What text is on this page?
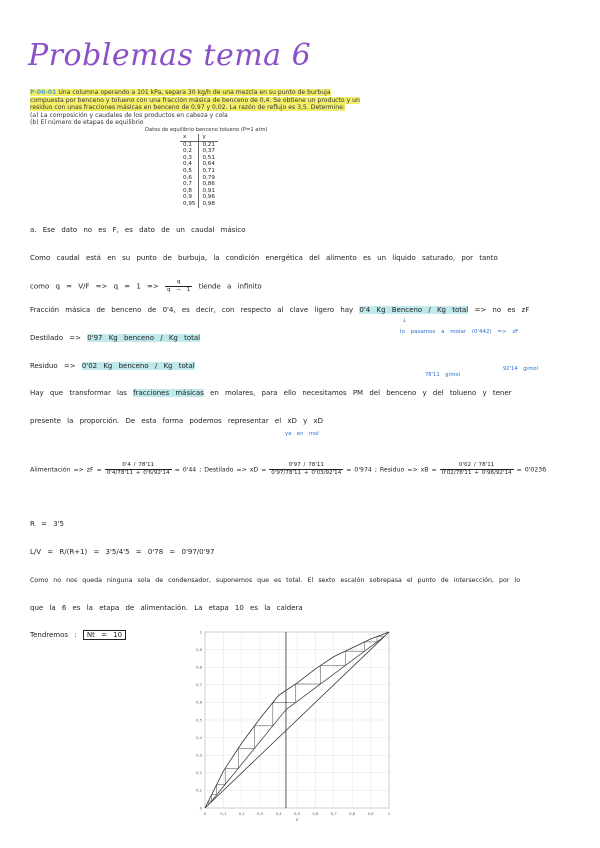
Problemas tema 6
P-06-01 Una columna operando a 101 kPa, separa 30 kg/h de una mezcla en su punto de burbuja
compuesta por benceno y tolueno con una fracción másica de benceno de 0,4. Se obtiene un producto y un
residuo con unas fracciones másicas en benceno de 0,97 y 0,02. La razón de reflujo es 3,5. Determine:
(a) La composición y caudales de los productos en cabeza y cola
(b) El número de etapas de equilibrio
Datos de equilibrio benceno tolueno (P=1 atm)
x	y
0,1	0,21
0,2	0,37
0,3	0,51
0,4	0,64
0,5	0,71
0,6	0,79
0,7	0,86
0,8	0,91
0,9	0,96
0,95	0,98
a. Ese dato no es F, es dato de un caudal másico
Como caudal está en su punto de burbuja, la condición energética del alimento es un líquido saturado, por tanto
como $q = V/F => q = 1 => \frac{q}{q - 1}$ tiende a infinito
Fracción másica de benceno de 0'4, es decir, con respecto al clave ligero hay 0'4 Kg Benceno / Kg total => no es zF
↓
lo pasamos a molar (0'442) => zF
Destilado => 0'97 Kg benceno / Kg total
Residuo => 0'02 Kg benceno / Kg total
78'11 g/mol
92'14 g/mol
Hay que transformar las fracciones másicas en molares, para ello necesitamos PM del benceno y del tolueno y tener
presente la proporción. De esta forma podemos representar el xD y xD
ya en mol
Alimentación => zF = $\frac{0'4 / 78'11}{0'4/78'11 + 0'6/92'14} = 0'44$ ; Destilado => xD = $\frac{0'97 / 78'11}{0'97/78'11 + 0'03/92'14} = 0'974$ ; Residuo => xB = $\frac{0'02 / 78'11}{0'02/78'11 + 0'98/92'14} = 0'0236$
R = 3'5
L/V = R/(R+1) = 3'5/4'5 = 0'78 = 0'97/0'97
Como no nos queda ninguna sola de condensador, suponemos que es total. El sexto escalón sobrepasa el punto de intersección, por lo
que la 6 es la etapa de alimentación. La etapa 10 es la caldera
Tendremos : Nt = 10
0
0
0,1
0,1
0,2
0,2
0,3
0,3
0,4
0,4
0,5
0,5
0,6
0,6
0,7
0,7
0,8
0,8
0,9
0,9
1
1
x
